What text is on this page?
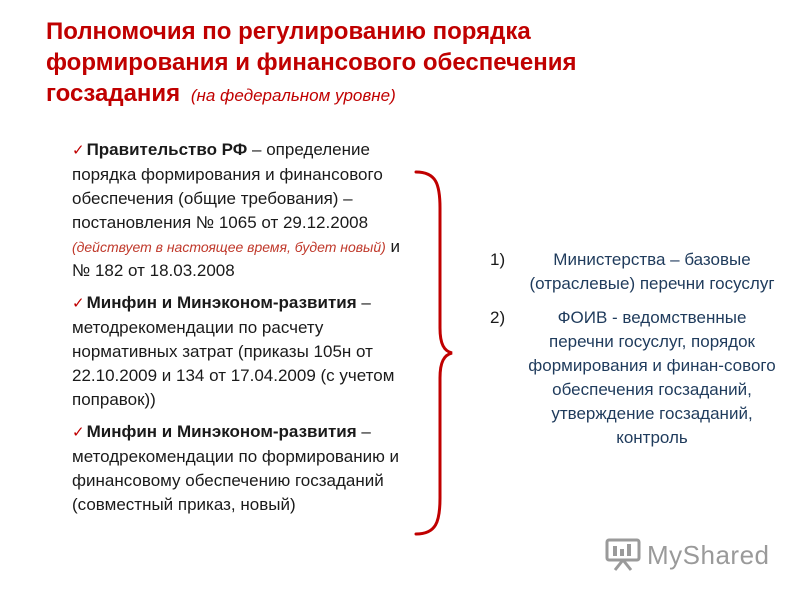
Полномочия по регулированию порядка
формирования и финансового обеспечения
госзадания (на федеральном уровне)
✓ Правительство РФ – определение порядка формирования и финансового обеспечения (общие требования) – постановления № 1065 от 29.12.2008 (действует в настоящее время, будет новый) и № 182 от 18.03.2008
✓ Минфин и Минэконом-развития – методрекомендации по расчету нормативных затрат (приказы 105н от 22.10.2009 и 134 от 17.04.2009 (с учетом поправок))
✓ Минфин и Минэконом-развития – методрекомендации по формированию и финансовому обеспечению госзаданий (совместный приказ, новый)
1)	Министерства – базовые (отраслевые) перечни госуслуг
2)	ФОИВ - ведомственные перечни госуслуг, порядок формирования и финан-сового обеспечения госзаданий, утверждение госзаданий, контроль
MyShared
